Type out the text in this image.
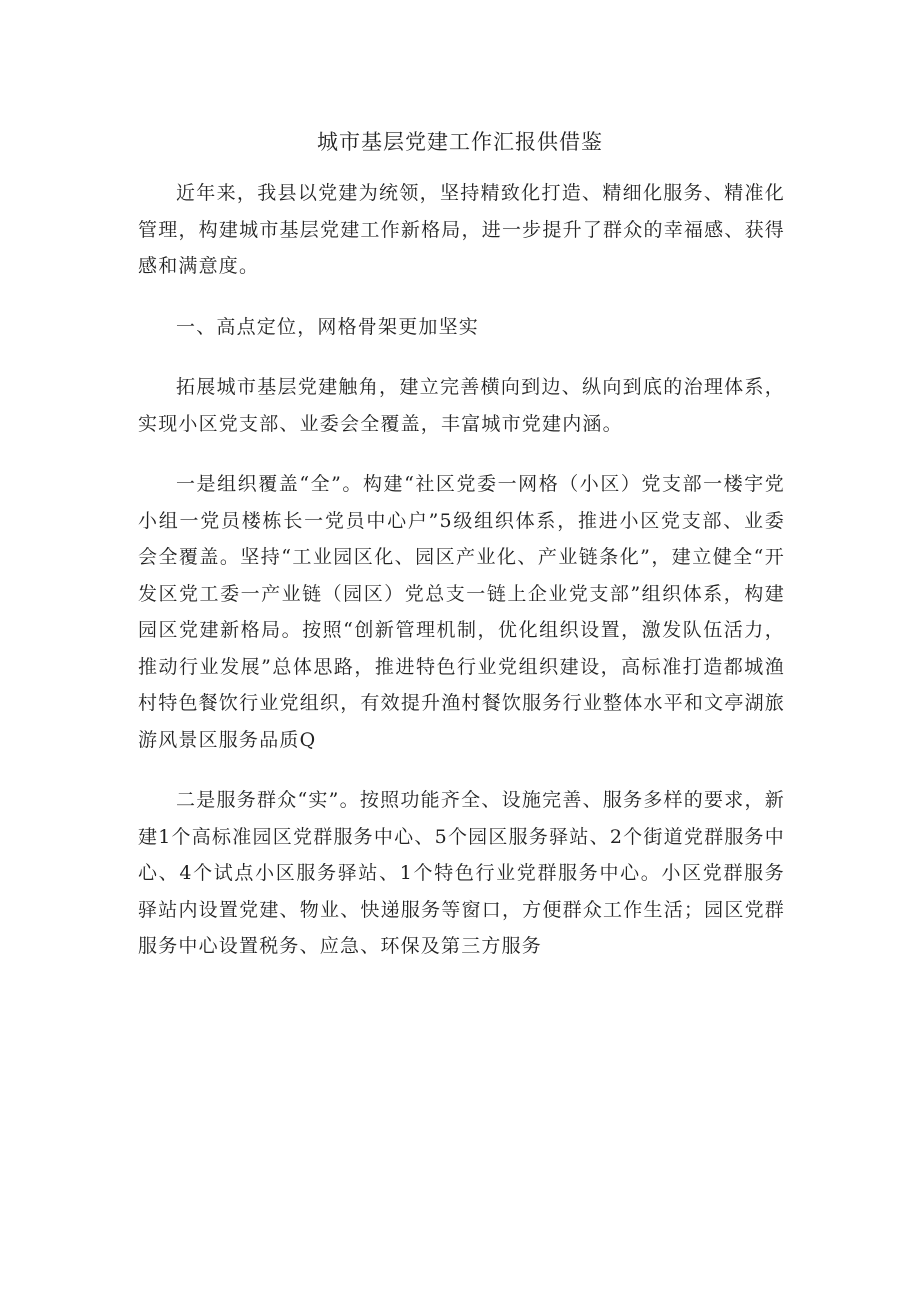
城市基层党建工作汇报供借鉴

近年来，我县以党建为统领，坚持精致化打造、精细化服务、精准化管理，构建城市基层党建工作新格局，进一步提升了群众的幸福感、获得感和满意度。

一、高点定位，网格骨架更加坚实

拓展城市基层党建触角，建立完善横向到边、纵向到底的治理体系，实现小区党支部、业委会全覆盖，丰富城市党建内涵。

一是组织覆盖“全”。构建“社区党委一网格（小区）党支部一楼宇党小组一党员楼栋长一党员中心户”5级组织体系，推进小区党支部、业委会全覆盖。坚持“工业园区化、园区产业化、产业链条化”，建立健全“开发区党工委一产业链（园区）党总支一链上企业党支部”组织体系，构建园区党建新格局。按照“创新管理机制，优化组织设置，激发队伍活力，推动行业发展”总体思路，推进特色行业党组织建设，高标准打造都城渔村特色餐饮行业党组织，有效提升渔村餐饮服务行业整体水平和文亭湖旅游风景区服务品质Q

二是服务群众“实”。按照功能齐全、设施完善、服务多样的要求，新建1个高标准园区党群服务中心、5个园区服务驿站、2个街道党群服务中心、4个试点小区服务驿站、1个特色行业党群服务中心。小区党群服务驿站内设置党建、物业、快递服务等窗口，方便群众工作生活；园区党群服务中心设置税务、应急、环保及第三方服务
